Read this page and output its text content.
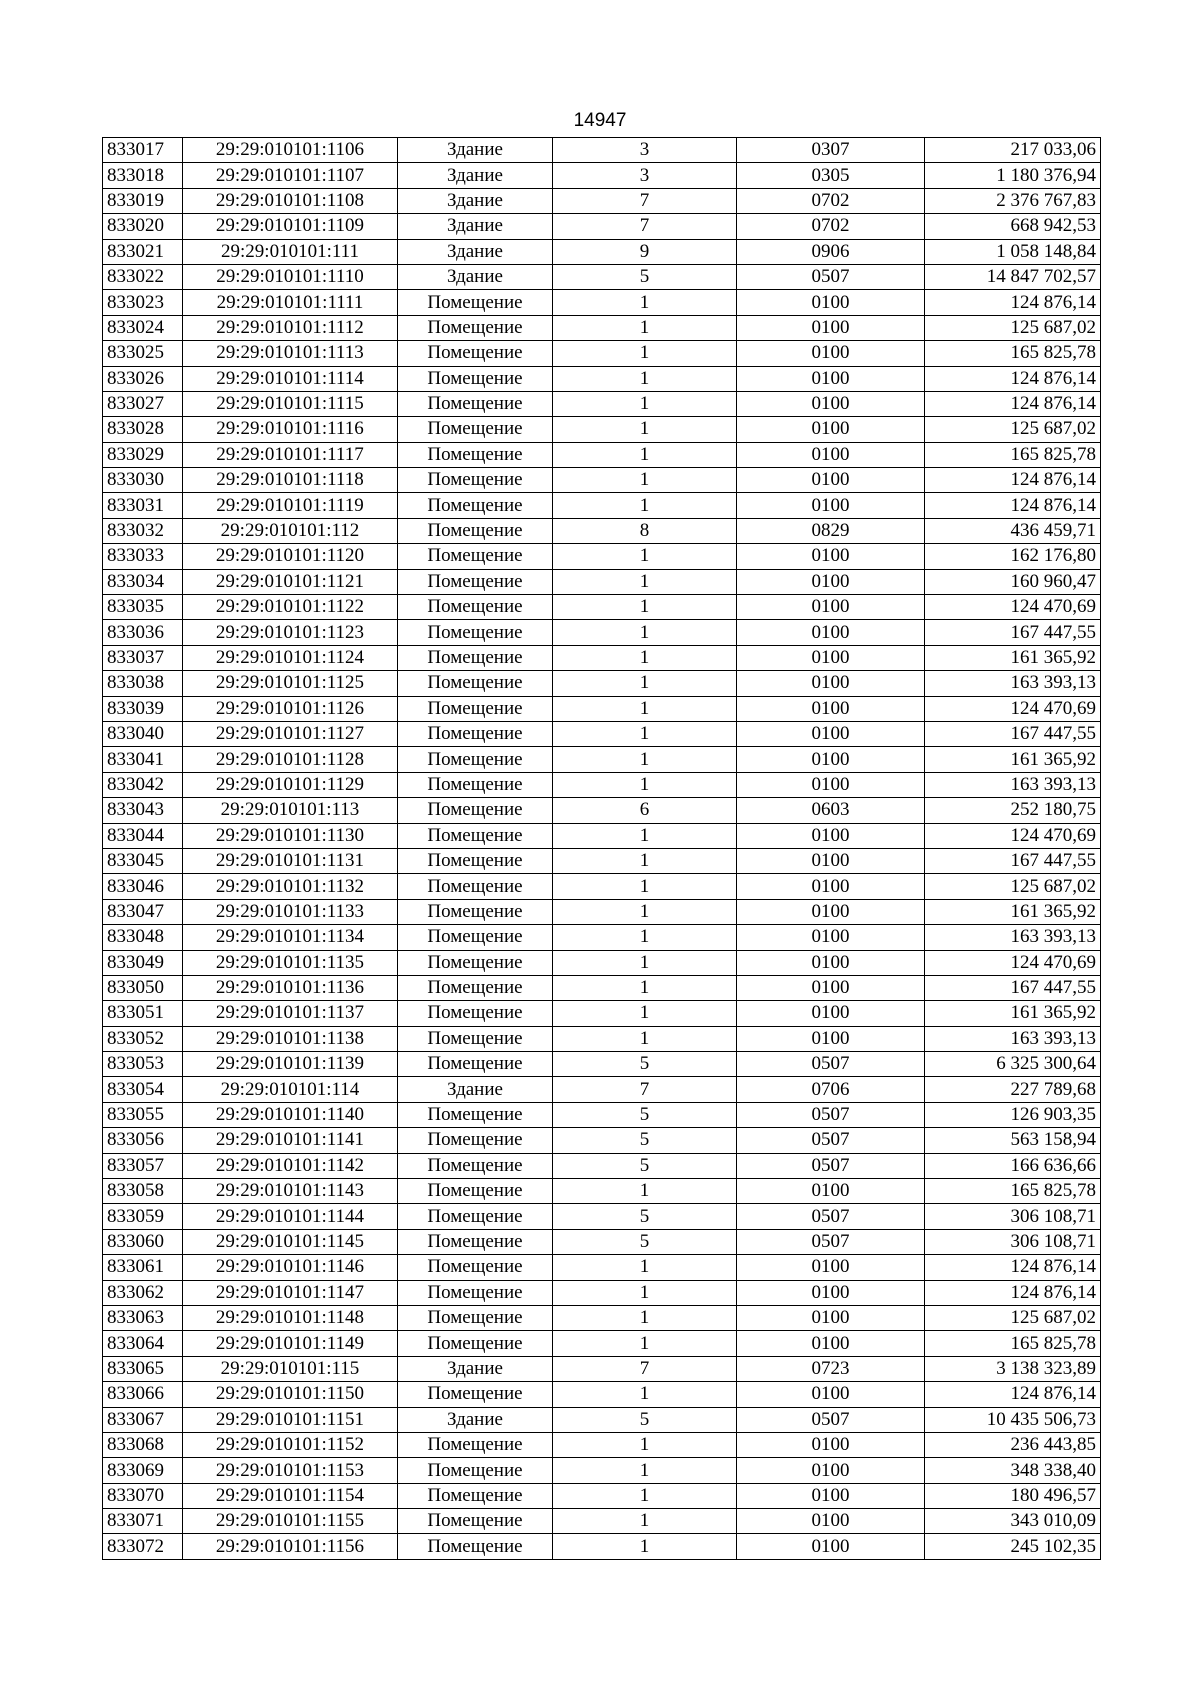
14947
833017	29:29:010101:1106	Здание	3	0307	217 033,06
833018	29:29:010101:1107	Здание	3	0305	1 180 376,94
833019	29:29:010101:1108	Здание	7	0702	2 376 767,83
833020	29:29:010101:1109	Здание	7	0702	668 942,53
833021	29:29:010101:111	Здание	9	0906	1 058 148,84
833022	29:29:010101:1110	Здание	5	0507	14 847 702,57
833023	29:29:010101:1111	Помещение	1	0100	124 876,14
833024	29:29:010101:1112	Помещение	1	0100	125 687,02
833025	29:29:010101:1113	Помещение	1	0100	165 825,78
833026	29:29:010101:1114	Помещение	1	0100	124 876,14
833027	29:29:010101:1115	Помещение	1	0100	124 876,14
833028	29:29:010101:1116	Помещение	1	0100	125 687,02
833029	29:29:010101:1117	Помещение	1	0100	165 825,78
833030	29:29:010101:1118	Помещение	1	0100	124 876,14
833031	29:29:010101:1119	Помещение	1	0100	124 876,14
833032	29:29:010101:112	Помещение	8	0829	436 459,71
833033	29:29:010101:1120	Помещение	1	0100	162 176,80
833034	29:29:010101:1121	Помещение	1	0100	160 960,47
833035	29:29:010101:1122	Помещение	1	0100	124 470,69
833036	29:29:010101:1123	Помещение	1	0100	167 447,55
833037	29:29:010101:1124	Помещение	1	0100	161 365,92
833038	29:29:010101:1125	Помещение	1	0100	163 393,13
833039	29:29:010101:1126	Помещение	1	0100	124 470,69
833040	29:29:010101:1127	Помещение	1	0100	167 447,55
833041	29:29:010101:1128	Помещение	1	0100	161 365,92
833042	29:29:010101:1129	Помещение	1	0100	163 393,13
833043	29:29:010101:113	Помещение	6	0603	252 180,75
833044	29:29:010101:1130	Помещение	1	0100	124 470,69
833045	29:29:010101:1131	Помещение	1	0100	167 447,55
833046	29:29:010101:1132	Помещение	1	0100	125 687,02
833047	29:29:010101:1133	Помещение	1	0100	161 365,92
833048	29:29:010101:1134	Помещение	1	0100	163 393,13
833049	29:29:010101:1135	Помещение	1	0100	124 470,69
833050	29:29:010101:1136	Помещение	1	0100	167 447,55
833051	29:29:010101:1137	Помещение	1	0100	161 365,92
833052	29:29:010101:1138	Помещение	1	0100	163 393,13
833053	29:29:010101:1139	Помещение	5	0507	6 325 300,64
833054	29:29:010101:114	Здание	7	0706	227 789,68
833055	29:29:010101:1140	Помещение	5	0507	126 903,35
833056	29:29:010101:1141	Помещение	5	0507	563 158,94
833057	29:29:010101:1142	Помещение	5	0507	166 636,66
833058	29:29:010101:1143	Помещение	1	0100	165 825,78
833059	29:29:010101:1144	Помещение	5	0507	306 108,71
833060	29:29:010101:1145	Помещение	5	0507	306 108,71
833061	29:29:010101:1146	Помещение	1	0100	124 876,14
833062	29:29:010101:1147	Помещение	1	0100	124 876,14
833063	29:29:010101:1148	Помещение	1	0100	125 687,02
833064	29:29:010101:1149	Помещение	1	0100	165 825,78
833065	29:29:010101:115	Здание	7	0723	3 138 323,89
833066	29:29:010101:1150	Помещение	1	0100	124 876,14
833067	29:29:010101:1151	Здание	5	0507	10 435 506,73
833068	29:29:010101:1152	Помещение	1	0100	236 443,85
833069	29:29:010101:1153	Помещение	1	0100	348 338,40
833070	29:29:010101:1154	Помещение	1	0100	180 496,57
833071	29:29:010101:1155	Помещение	1	0100	343 010,09
833072	29:29:010101:1156	Помещение	1	0100	245 102,35
